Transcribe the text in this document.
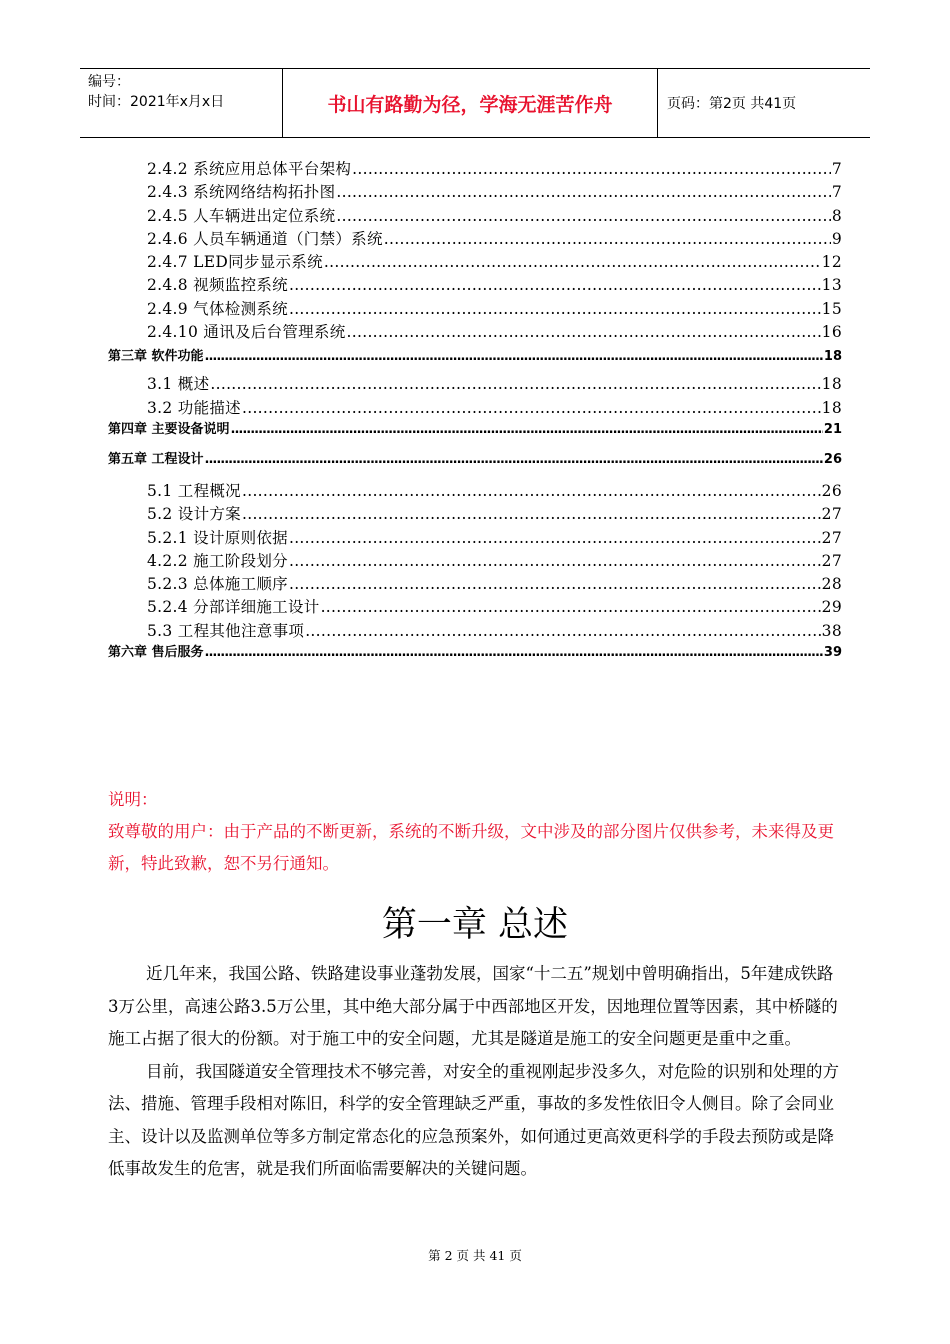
编号：
时间：2021年x月x日	书山有路勤为径，学海无涯苦作舟	页码：第2页 共41页
2.4.2 系统应用总体平台架构 .....	7
2.4.3 系统网络结构拓扑图 .....	7
2.4.5 人车辆进出定位系统 .....	8
2.4.6 人员车辆通道（门禁）系统 .....	9
2.4.7 LED同步显示系统 .....	12
2.4.8 视频监控系统 .....	13
2.4.9 气体检测系统 .....	15
2.4.10 通讯及后台管理系统 .....	16
第三章 软件功能 .....	18
3.1 概述 .....	18
3.2 功能描述 .....	18
第四章 主要设备说明 .....	21
第五章 工程设计 .....	26
5.1 工程概况 .....	26
5.2 设计方案 .....	27
5.2.1 设计原则依据 .....	27
4.2.2 施工阶段划分 .....	27
5.2.3 总体施工顺序 .....	28
5.2.4 分部详细施工设计 .....	29
5.3 工程其他注意事项 .....	38
第六章 售后服务 .....	39
说明：
致尊敬的用户：由于产品的不断更新，系统的不断升级，文中涉及的部分图片仅供参考，未来得及更新，特此致歉，恕不另行通知。
第一章 总述

近几年来，我国公路、铁路建设事业蓬勃发展，国家“十二五”规划中曾明确指出，5年建成铁路3万公里，高速公路3.5万公里，其中绝大部分属于中西部地区开发，因地理位置等因素，其中桥隧的施工占据了很大的份额。对于施工中的安全问题，尤其是隧道是施工的安全问题更是重中之重。

目前，我国隧道安全管理技术不够完善，对安全的重视刚起步没多久，对危险的识别和处理的方法、措施、管理手段相对陈旧，科学的安全管理缺乏严重，事故的多发性依旧令人侧目。除了会同业主、设计以及监测单位等多方制定常态化的应急预案外，如何通过更高效更科学的手段去预防或是降低事故发生的危害，就是我们所面临需要解决的关键问题。

第 2 页 共 41 页
